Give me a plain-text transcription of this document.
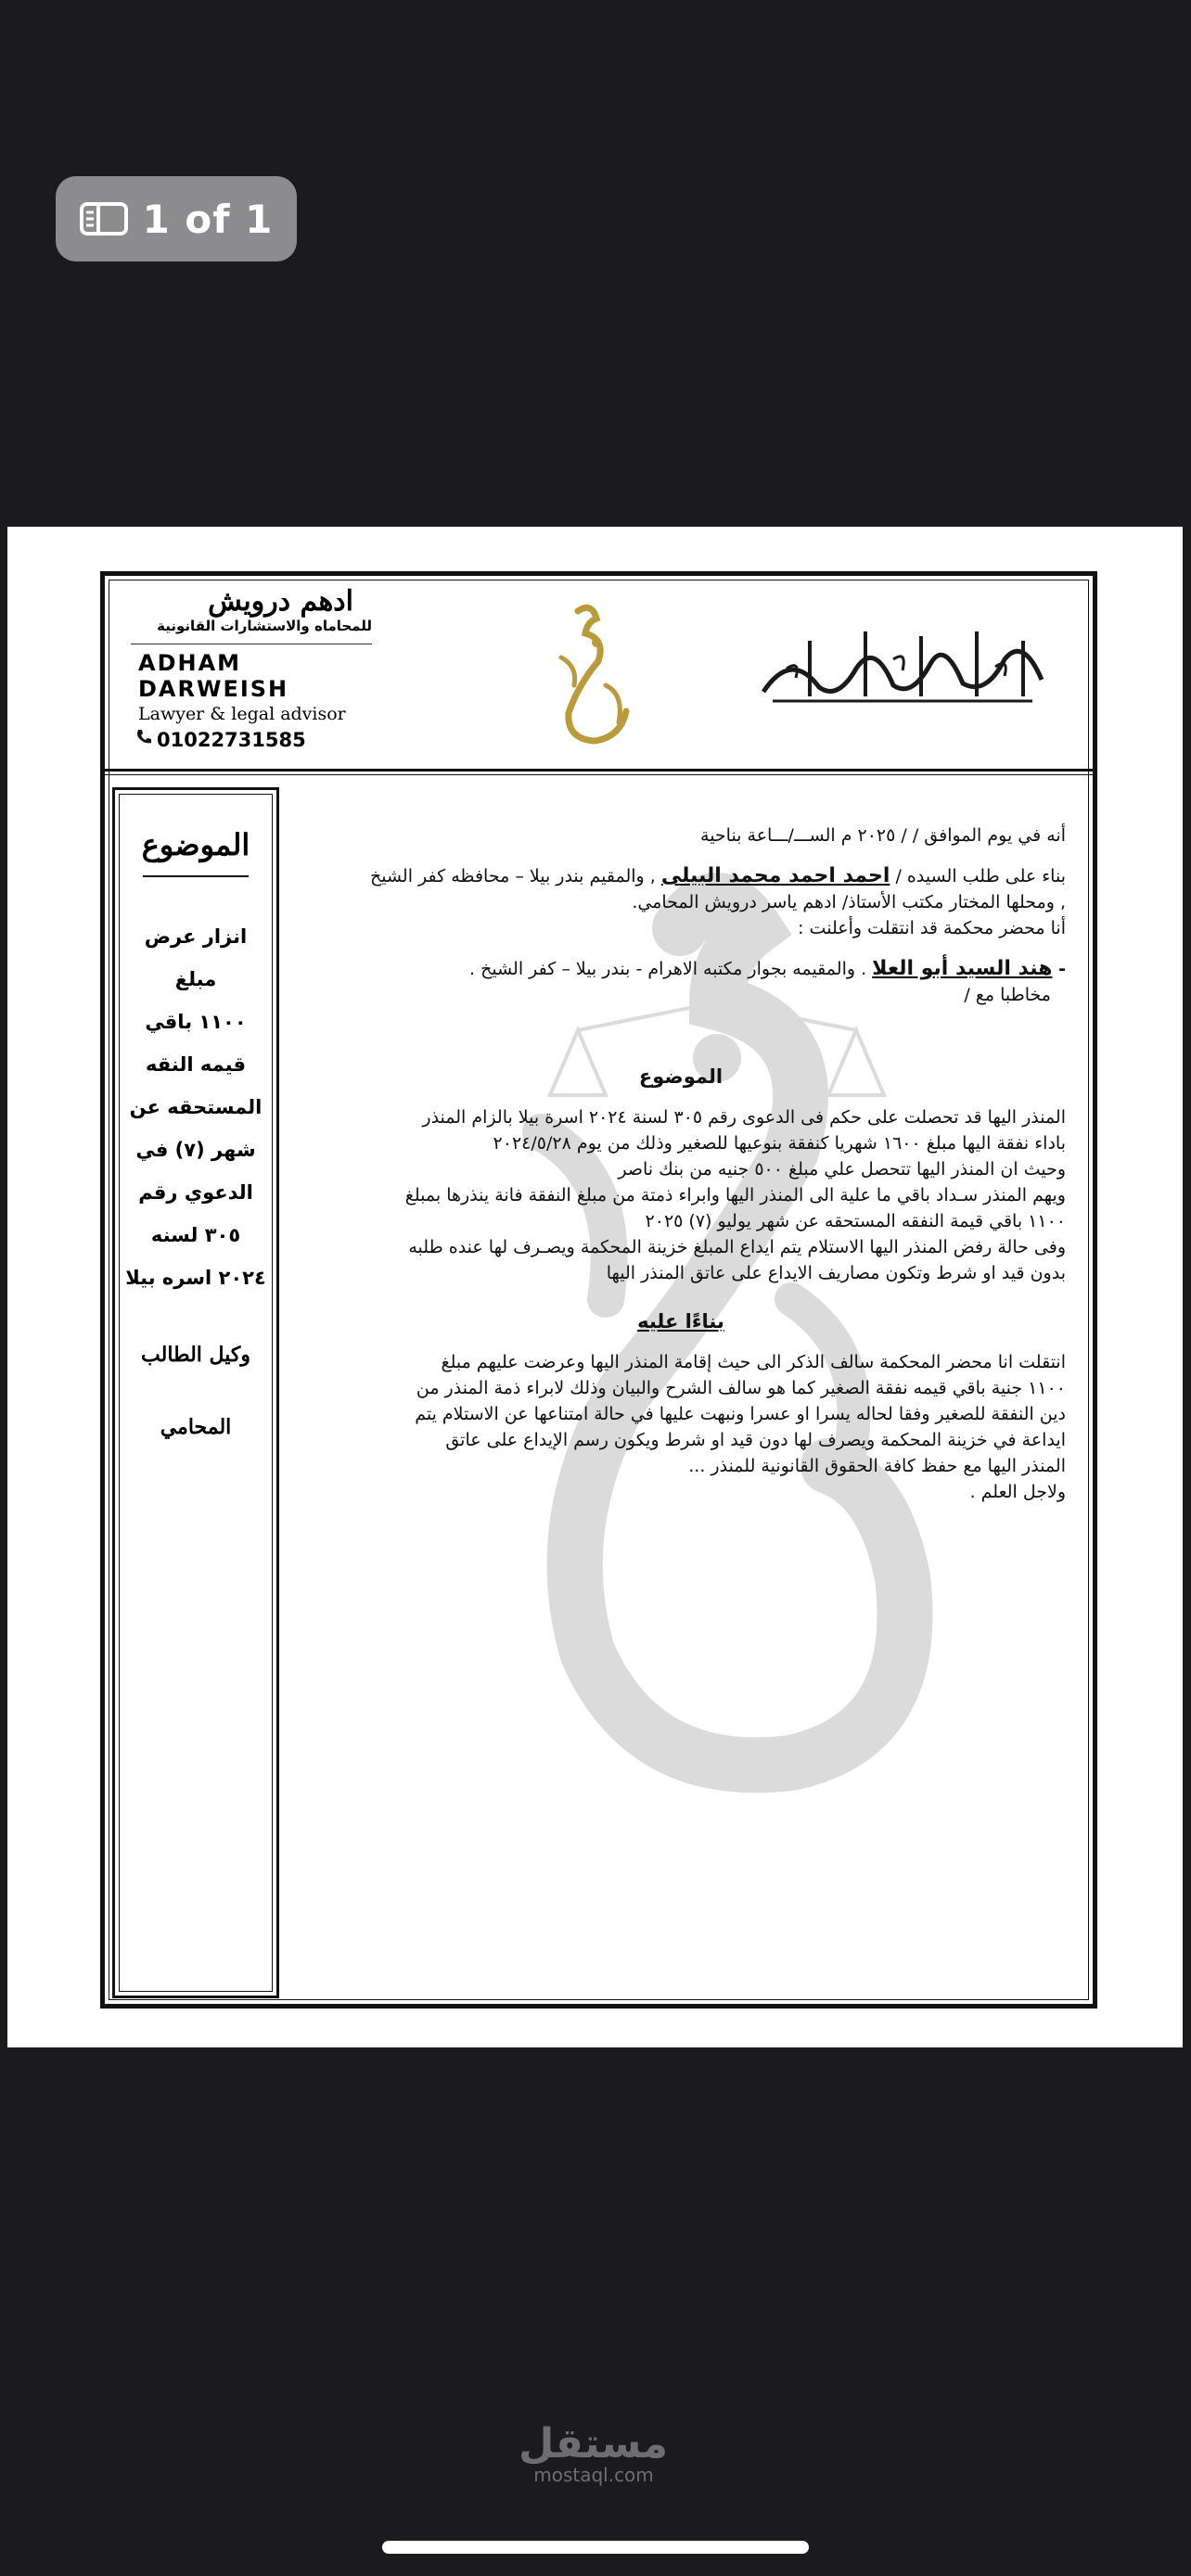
1 of 1
ادهم درويش
للمحاماه والاستشارات القانونية
ADHAM DARWEISH
Lawyer & legal advisor
01022731585
الموضوع
انزار عرض مبلغ
١١٠٠ باقي
قيمه النقه
المستحقه عن
شهر (٧) في
الدعوي رقم
٣٠٥ لسنه
٢٠٢٤ اسره بيلا
وكيل الطالب
المحامي

أنه في يوم الموافق / / ٢٠٢٥ م الســـ/ـــاعة بناحية

بناء على طلب السيده / احمد احمد محمد البيلى , والمقيم بندر بيلا – محافظه كفر الشيخ

, ومحلها المختار مكتب الأستاذ/ ادهم ياسر درويش المحامي.

أنا محضر محكمة قد انتقلت وأعلنت :

- هند السيد أبو العلا . والمقيمه بجوار مكتبه الاهرام - بندر بيلا – كفر الشيخ .

مخاطبا مع /

الموضوع

المنذر اليها قد تحصلت على حكم فى الدعوى رقم ٣٠٥ لسنة ٢٠٢٤ اسرة بيلا بالزام المنذر

باداء نفقة اليها مبلغ ١٦٠٠ شهريا كنفقة بنوعيها للصغير وذلك من يوم ٢٠٢٤/٥/٢٨

وحيث ان المنذر اليها تتحصل علي مبلغ ٥٠٠ جنيه من بنك ناصر

ويهم المنذر سـداد باقي ما علية الى المنذر اليها وابراء ذمتة من مبلغ النفقة فانة ينذرها بمبلغ

١١٠٠ باقي قيمة النفقه المستحقه عن شهر يوليو (٧) ٢٠٢٥

وفى حالة رفض المنذر اليها الاستلام يتم ايداع المبلغ خزينة المحكمة ويصـرف لها عنده طلبه

بدون قيد او شرط وتكون مصاريف الايداع على عاتق المنذر اليها

بناءًا عليه

انتقلت انا محضر المحكمة سالف الذكر الى حيث إقامة المنذر اليها وعرضت عليهم مبلغ

١١٠٠ جنية باقي قيمه نفقة الصغير كما هو سالف الشرح والبيان وذلك لابراء ذمة المنذر من

دين النفقة للصغير وفقا لحاله يسرا او عسرا ونبهت عليها في حالة امتناعها عن الاستلام يتم

ايداعة في خزينة المحكمة ويصرف لها دون قيد او شرط ويكون رسم الإيداع على عاتق

المنذر اليها مع حفظ كافة الحقوق القانونية للمنذر ...

ولاجل العلم .

مستقل
mostaql.com
